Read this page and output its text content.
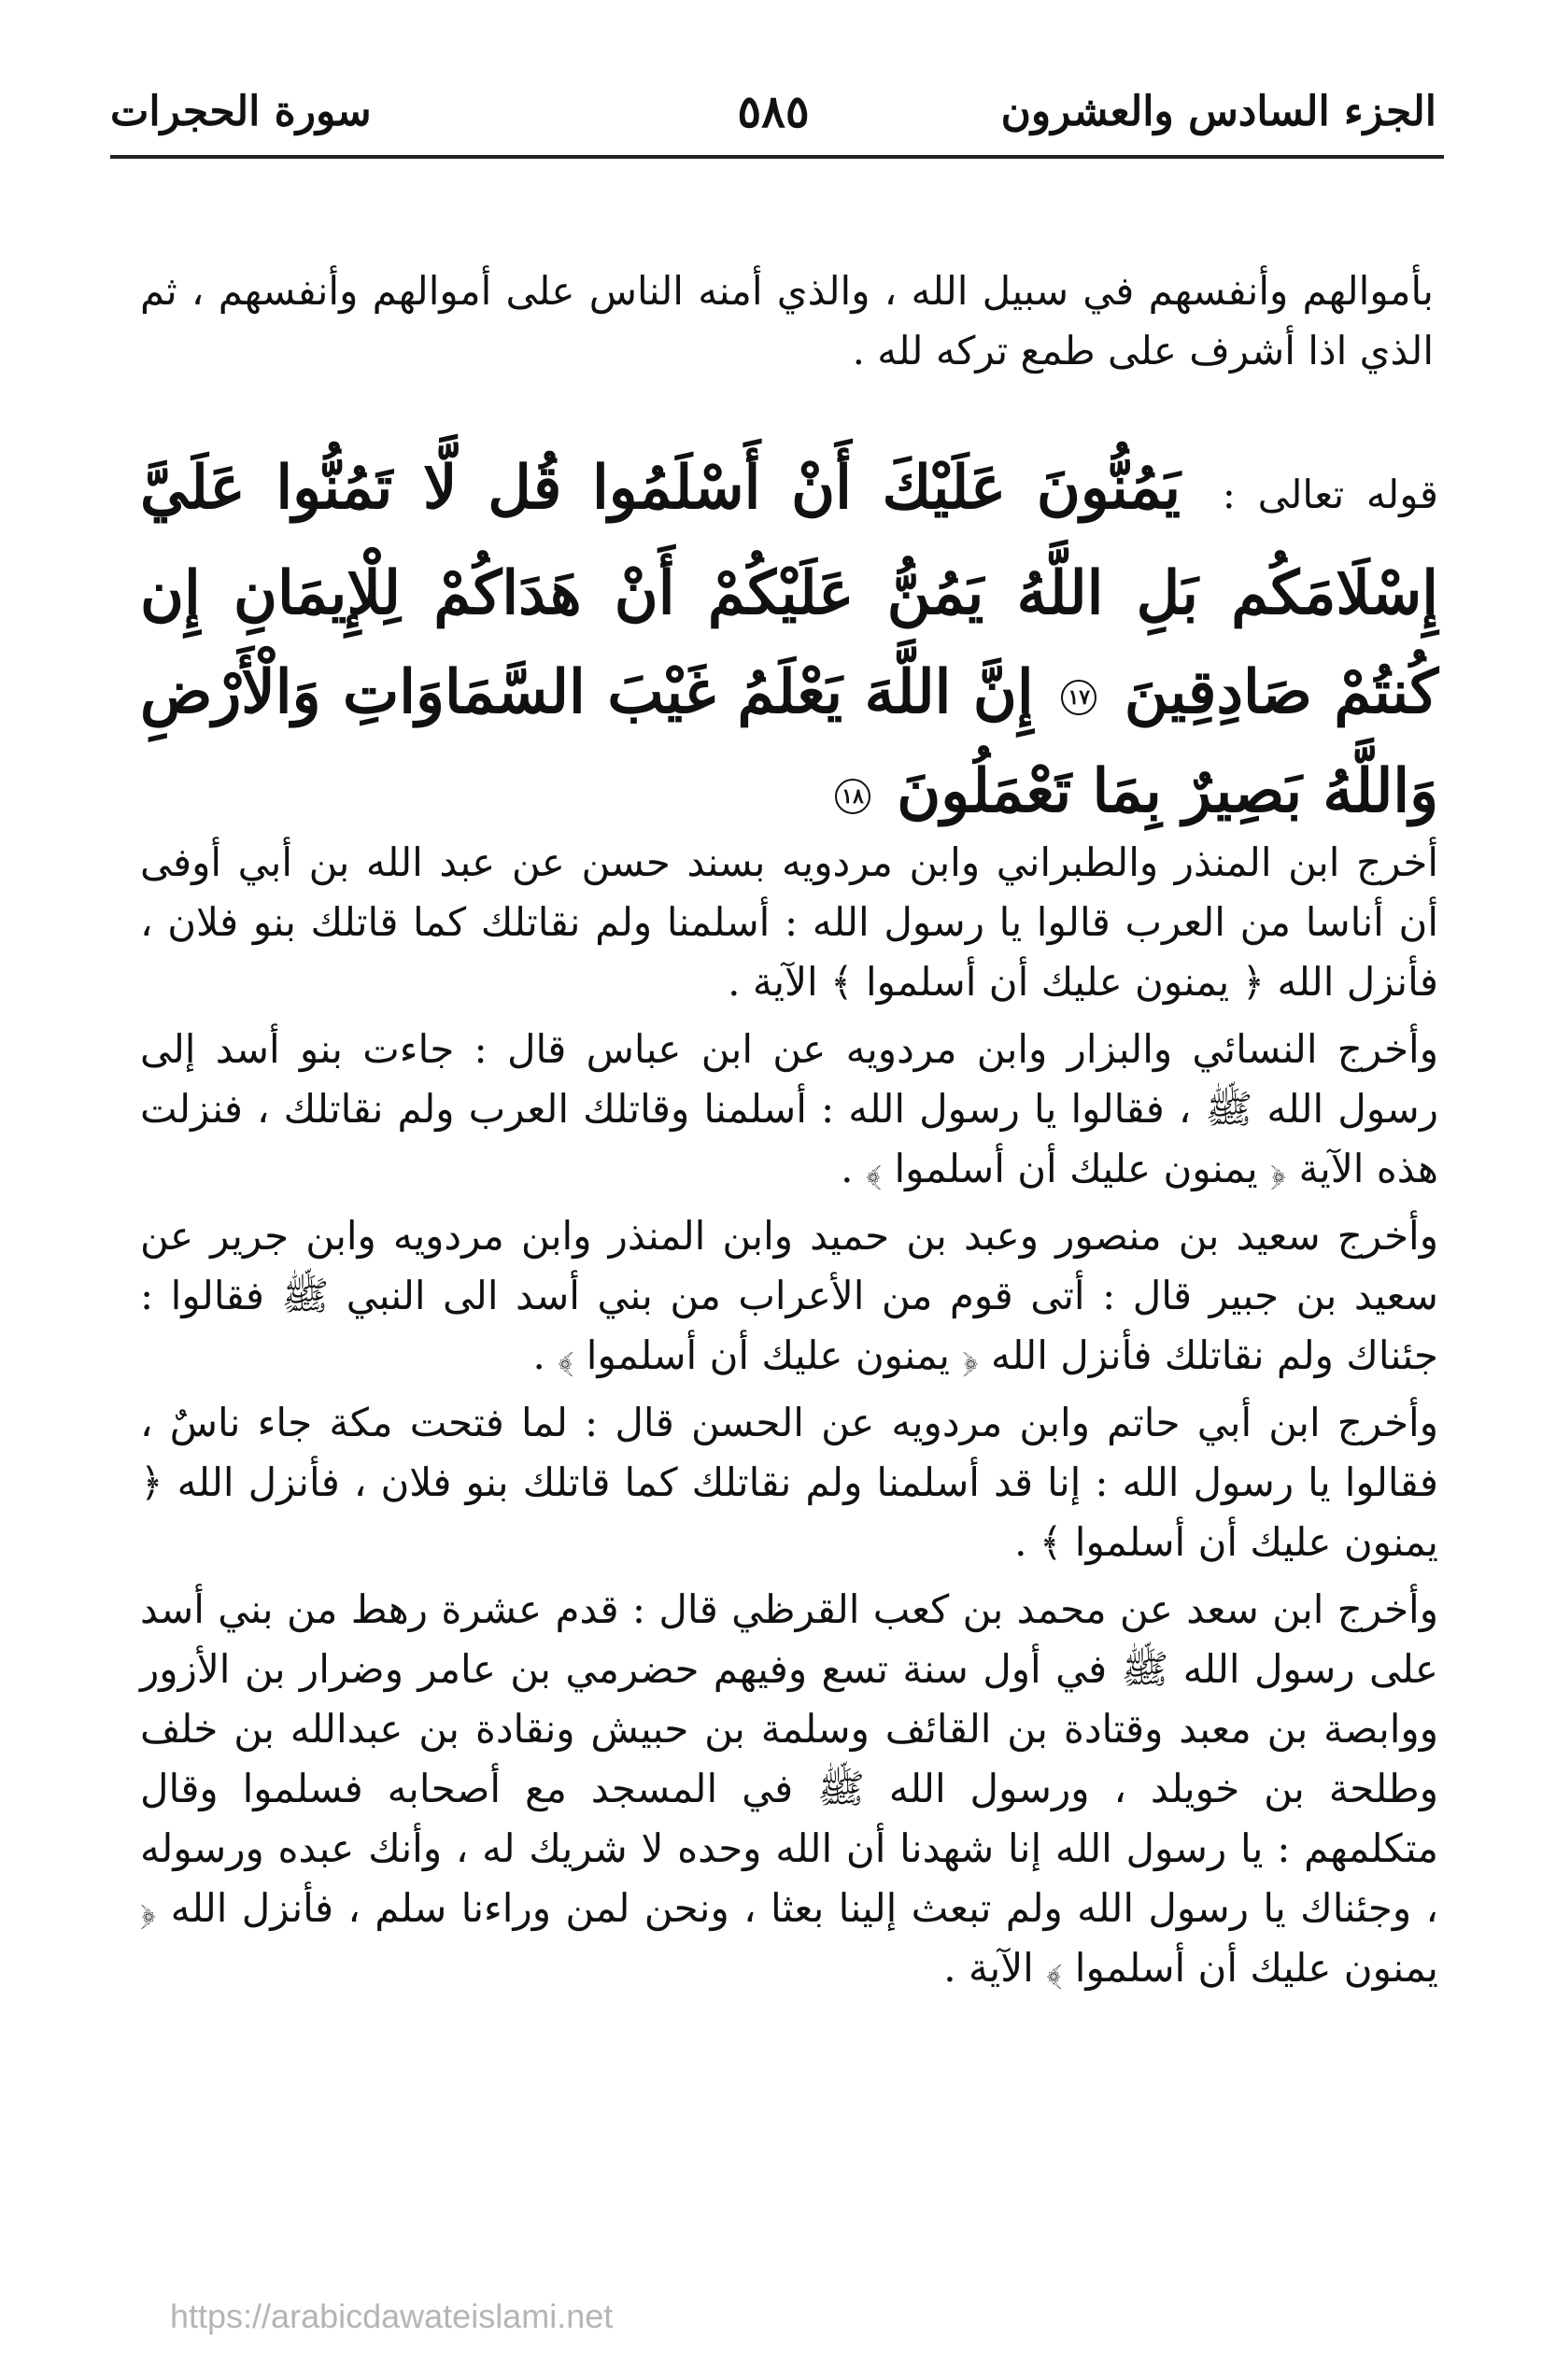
الجزء السادس والعشرون
٥٨٥
سورة الحجرات

بأموالهم وأنفسهم في سبيل الله ، والذي أمنه الناس على أموالهم وأنفسهم ، ثم الذي اذا أشرف على طمع تركه لله .

قوله تعالى : يَمُنُّونَ عَلَيْكَ أَنْ أَسْلَمُوا قُل لَّا تَمُنُّوا عَلَيَّ إِسْلَامَكُم بَلِ اللَّهُ يَمُنُّ عَلَيْكُمْ أَنْ هَدَاكُمْ لِلْإِيمَانِ إِن كُنتُمْ صَادِقِينَ ١٧ إِنَّ اللَّهَ يَعْلَمُ غَيْبَ السَّمَاوَاتِ وَالْأَرْضِ وَاللَّهُ بَصِيرٌ بِمَا تَعْمَلُونَ ١٨

أخرج ابن المنذر والطبراني وابن مردويه بسند حسن عن عبد الله بن أبي أوفى أن أناسا من العرب قالوا يا رسول الله : أسلمنا ولم نقاتلك كما قاتلك بنو فلان ، فأنزل الله ﴿ يمنون عليك أن أسلموا ﴾ الآية .

وأخرج النسائي والبزار وابن مردويه عن ابن عباس قال : جاءت بنو أسد إلى رسول الله ﷺ ، فقالوا يا رسول الله : أسلمنا وقاتلك العرب ولم نقاتلك ، فنزلت هذه الآية ﴿ يمنون عليك أن أسلموا ﴾ .

وأخرج سعيد بن منصور وعبد بن حميد وابن المنذر وابن مردويه وابن جرير عن سعيد بن جبير قال : أتى قوم من الأعراب من بني أسد الى النبي ﷺ فقالوا : جئناك ولم نقاتلك فأنزل الله ﴿ يمنون عليك أن أسلموا ﴾ .

وأخرج ابن أبي حاتم وابن مردويه عن الحسن قال : لما فتحت مكة جاء ناسٌ ، فقالوا يا رسول الله : إنا قد أسلمنا ولم نقاتلك كما قاتلك بنو فلان ، فأنزل الله ﴿ يمنون عليك أن أسلموا ﴾ .

وأخرج ابن سعد عن محمد بن كعب القرظي قال : قدم عشرة رهط من بني أسد على رسول الله ﷺ في أول سنة تسع وفيهم حضرمي بن عامر وضرار بن الأزور ووابصة بن معبد وقتادة بن القائف وسلمة بن حبيش ونقادة بن عبدالله بن خلف وطلحة بن خويلد ، ورسول الله ﷺ في المسجد مع أصحابه فسلموا وقال متكلمهم : يا رسول الله إنا شهدنا أن الله وحده لا شريك له ، وأنك عبده ورسوله ، وجئناك يا رسول الله ولم تبعث إلينا بعثا ، ونحن لمن وراءنا سلم ، فأنزل الله ﴿ يمنون عليك أن أسلموا ﴾ الآية .

https://arabicdawateislami.net
